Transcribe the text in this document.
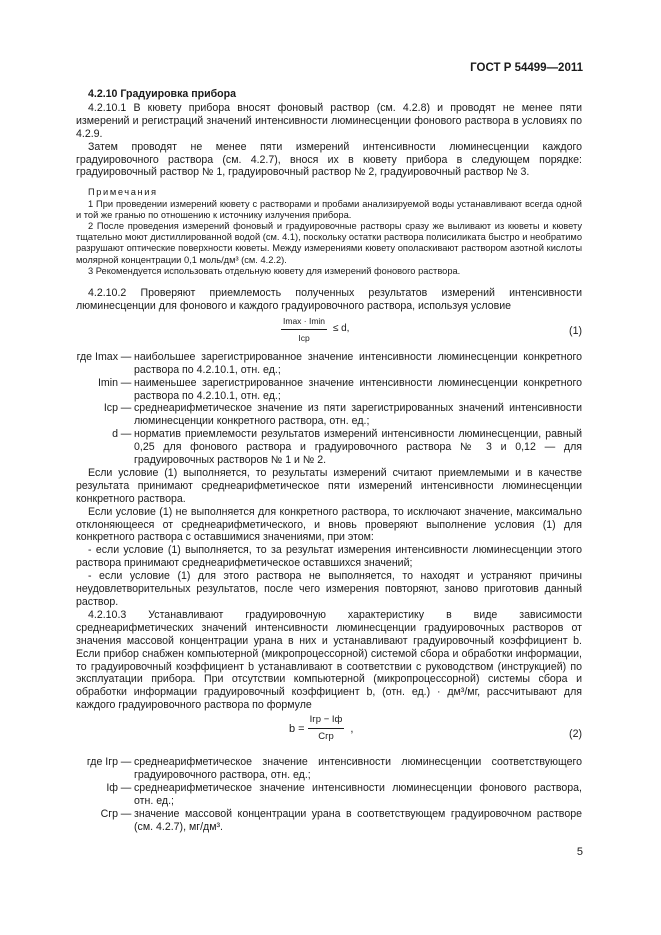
ГОСТ Р 54499—2011

4.2.10 Градуировка прибора

4.2.10.1 В кювету прибора вносят фоновый раствор (см. 4.2.8) и проводят не менее пяти измерений и регистраций значений интенсивности люминесценции фонового раствора в условиях по 4.2.9.

Затем проводят не менее пяти измерений интенсивности люминесценции каждого градуировочного раствора (см. 4.2.7), внося их в кювету прибора в следующем порядке: градуировочный раствор № 1, градуировочный раствор № 2, градуировочный раствор № 3.

Примечания

1 При проведении измерений кювету с растворами и пробами анализируемой воды устанавливают всегда одной и той же гранью по отношению к источнику излучения прибора.

2 После проведения измерений фоновый и градуировочные растворы сразу же выливают из кюветы и кювету тщательно моют дистиллированной водой (см. 4.1), поскольку остатки раствора полисиликата быстро и необратимо разрушают оптические поверхности кюветы. Между измерениями кювету ополаскивают раствором азотной кислоты молярной концентрации 0,1 моль/дм³ (см. 4.2.2).

3 Рекомендуется использовать отдельную кювету для измерений фонового раствора.

4.2.10.2 Проверяют приемлемость полученных результатов измерений интенсивности люминесценции для фонового и каждого градуировочного раствора, используя условие

$\frac{Imax \cdot Imin}{\text{Iср}} \le d$,	(1)
где Imax	—	наибольшее зарегистрированное значение интенсивности люминесценции конкретного раствора по 4.2.10.1, отн. ед.;
Imin	—	наименьшее зарегистрированное значение интенсивности люминесценции конкретного раствора по 4.2.10.1, отн. ед.;
Iср	—	среднеарифметическое значение из пяти зарегистрированных значений интенсивности люминесценции конкретного раствора, отн. ед.;
d	—	норматив приемлемости результатов измерений интенсивности люминесценции, равный 0,25 для фонового раствора и градуировочного раствора № 3 и 0,12 — для градуировочных растворов № 1 и № 2.

Если условие (1) выполняется, то результаты измерений считают приемлемыми и в качестве результата принимают среднеарифметическое пяти измерений интенсивности люминесценции конкретного раствора.

Если условие (1) не выполняется для конкретного раствора, то исключают значение, максимально отклоняющееся от среднеарифметического, и вновь проверяют выполнение условия (1) для конкретного раствора с оставшимися значениями, при этом:

- если условие (1) выполняется, то за результат измерения интенсивности люминесценции этого раствора принимают среднеарифметическое оставшихся значений;

- если условие (1) для этого раствора не выполняется, то находят и устраняют причины неудовлетворительных результатов, после чего измерения повторяют, заново приготовив данный раствор.

4.2.10.3 Устанавливают градуировочную характеристику в виде зависимости среднеарифметических значений интенсивности люминесценции градуировочных растворов от значения массовой концентрации урана в них и устанавливают градуировочный коэффициент b. Если прибор снабжен компьютерной (микропроцессорной) системой сбора и обработки информации, то градуировочный коэффициент b устанавливают в соответствии с руководством (инструкцией) по эксплуатации прибора. При отсутствии компьютерной (микропроцессорной) системы сбора и обработки информации градуировочный коэффициент b, (отн. ед.) · дм³/мг, рассчитывают для каждого градуировочного раствора по формуле

$b = \frac{\text{Iгр − Iф}}{\text{Cгр}}$ ,	(2)
где Iгр	—	среднеарифметическое значение интенсивности люминесценции соответствующего градуировочного раствора, отн. ед.;
Iф	—	среднеарифметическое значение интенсивности люминесценции фонового раствора, отн. ед.;
Cгр	—	значение массовой концентрации урана в соответствующем градуировочном растворе (см. 4.2.7), мг/дм³.
5
